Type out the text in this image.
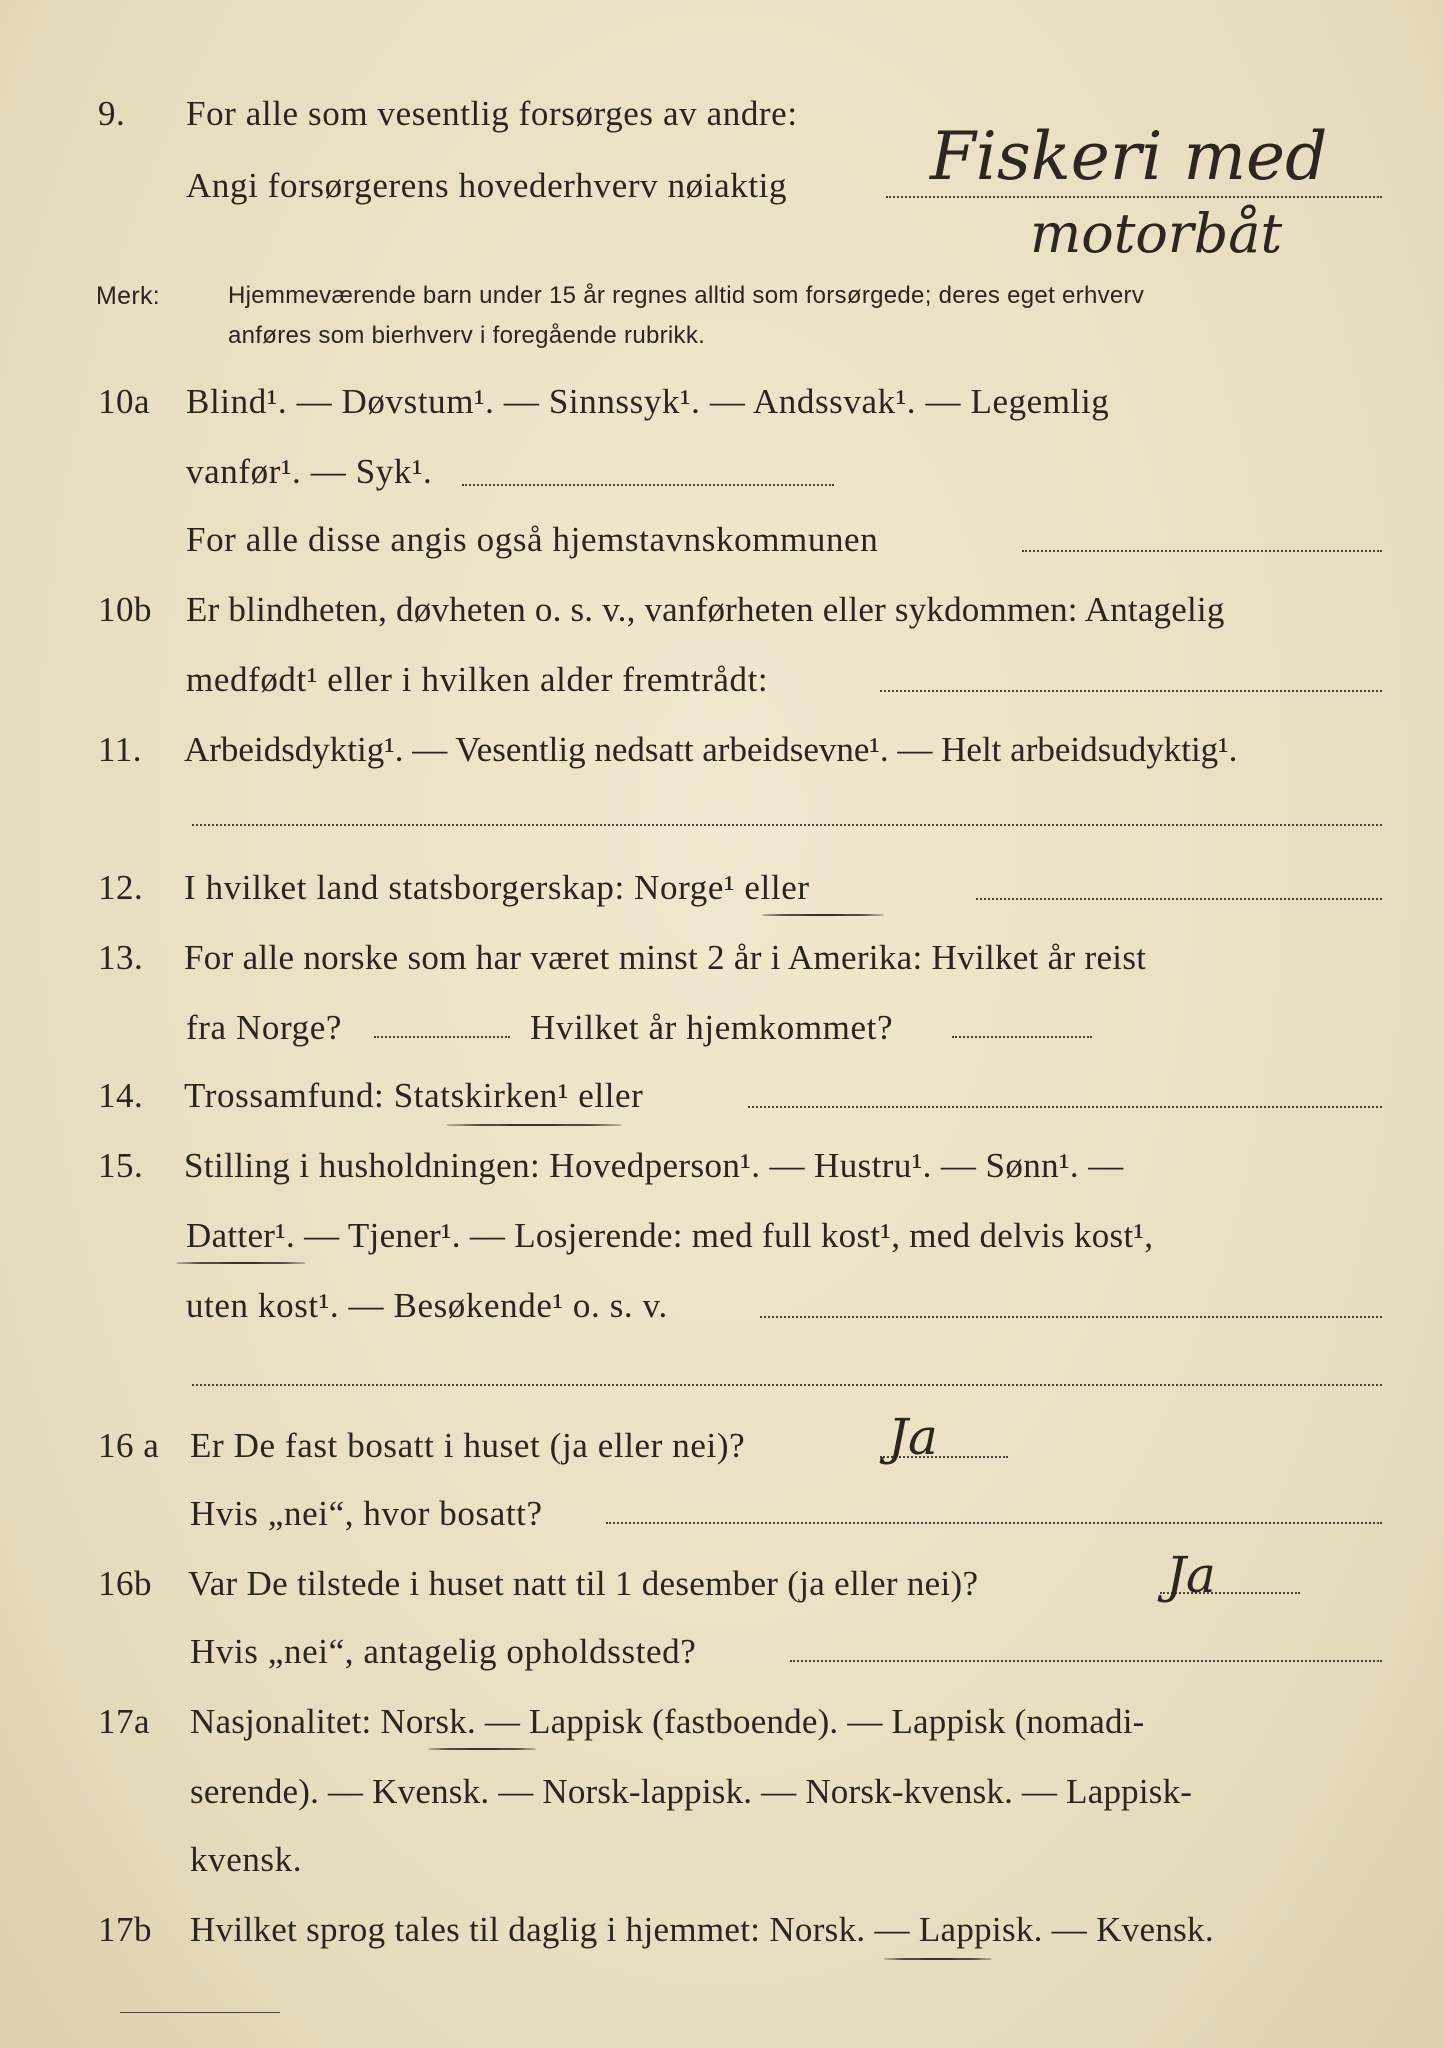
9. For alle som vesentlig forsørges av andre:
Angi forsørgerens hovederhverv nøiaktig Fiskeri med
motorbåt
Merk:	Hjemmeværende barn under 15 år regnes alltid som forsørgede; deres eget erhverv
anføres som bierhverv i foregående rubrikk.
10a Blind¹. — Døvstum¹. — Sinnssyk¹. — Andssvak¹. — Legemlig
vanfør¹. — Syk¹.
For alle disse angis også hjemstavnskommunen
10b Er blindheten, døvheten o. s. v., vanførheten eller sykdommen: Antagelig
medfødt¹ eller i hvilken alder fremtrådt:
11. Arbeidsdyktig¹. — Vesentlig nedsatt arbeidsevne¹. — Helt arbeidsudyktig¹.
12. I hvilket land statsborgerskap: Norge¹ eller
13. For alle norske som har været minst 2 år i Amerika: Hvilket år reist
fra Norge?	Hvilket år hjemkommet?
14. Trossamfund: Statskirken¹ eller
15. Stilling i husholdningen: Hovedperson¹. — Hustru¹. — Sønn¹. —
Datter¹. — Tjener¹. — Losjerende: med full kost¹, med delvis kost¹,
uten kost¹. — Besøkende¹ o. s. v.
16 a Er De fast bosatt i huset (ja eller nei)?	Ja
Hvis „nei“, hvor bosatt?
16b Var De tilstede i huset natt til 1 desember (ja eller nei)?	Ja
Hvis „nei“, antagelig opholdssted?
17a Nasjonalitet: Norsk. — Lappisk (fastboende). — Lappisk (nomadi-
serende). — Kvensk. — Norsk-lappisk. — Norsk-kvensk. — Lappisk-
kvensk.
17b Hvilket sprog tales til daglig i hjemmet: Norsk. — Lappisk. — Kvensk.
